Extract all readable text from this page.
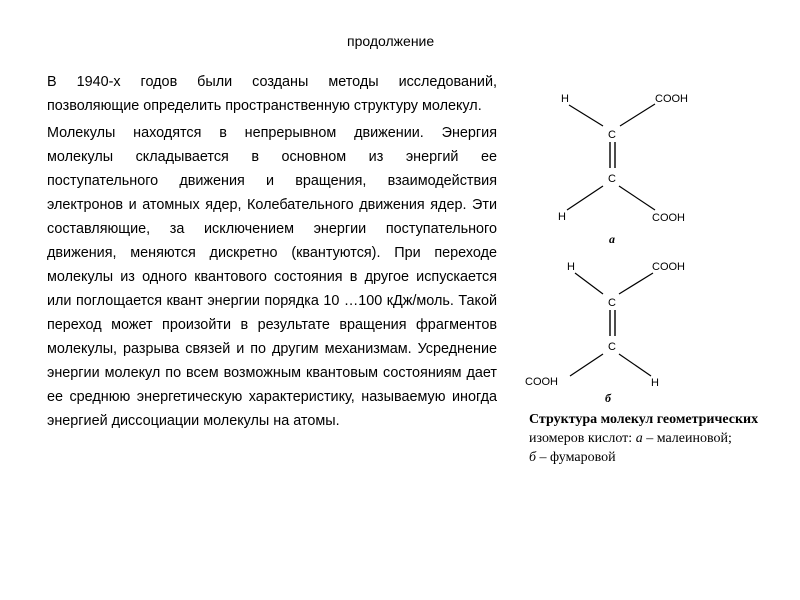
продолжение

В 1940-х годов были созданы методы исследований, позволяющие определить пространственную структуру молекул.

Молекулы находятся в непрерывном движении. Энергия молекулы складывается в основном из энергий ее поступательного движения и вращения, взаимодействия электронов и атомных ядер, Колебательного движения ядер. Эти составляющие, за исключением энергии поступательного движения, меняются дискретно (квантуются). При переходе молекулы из одного квантового состояния в другое испускается или поглощается квант энергии порядка 10 …100 кДж/моль. Такой переход может произойти в результате вращения фрагментов молекулы, разрыва связей и по другим механизмам. Усреднение энергии молекул по всем возможным квантовым состояниям дает ее среднюю энергетическую характеристику, называемую иногда энергией диссоциации молекулы на атомы.

H	COOH
C
C
H	COOH
а
H	COOH
C
C
COOH	H
б
Структура молекул геометрических
изомеров кислот: а – малеиновой;
б – фумаровой
